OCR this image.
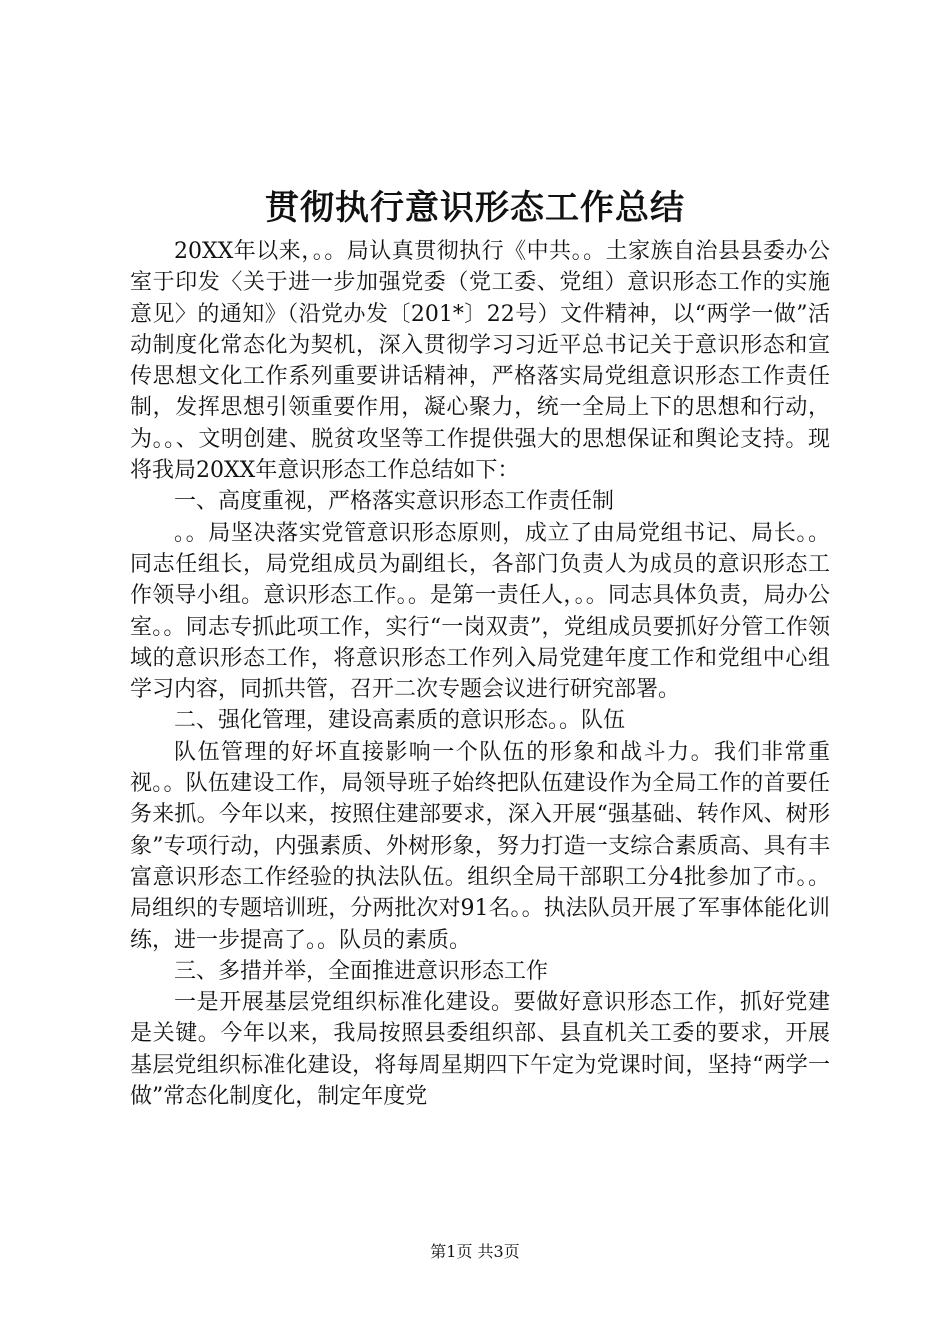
贯彻执行意识形态工作总结

20XX年以来，。。局认真贯彻执行《中共。。土家族自治县县委办公室于印发〈关于进一步加强党委（党工委、党组）意识形态工作的实施意见〉的通知》（沿党办发〔201*〕22号）文件精神，以“两学一做”活动制度化常态化为契机，深入贯彻学习习近平总书记关于意识形态和宣传思想文化工作系列重要讲话精神，严格落实局党组意识形态工作责任制，发挥思想引领重要作用，凝心聚力，统一全局上下的思想和行动，为。。、文明创建、脱贫攻坚等工作提供强大的思想保证和舆论支持。现将我局20XX年意识形态工作总结如下：

一、高度重视，严格落实意识形态工作责任制

。。局坚决落实党管意识形态原则，成立了由局党组书记、局长。。同志任组长，局党组成员为副组长，各部门负责人为成员的意识形态工作领导小组。意识形态工作。。是第一责任人，。。同志具体负责，局办公室。。同志专抓此项工作，实行“一岗双责”，党组成员要抓好分管工作领域的意识形态工作，将意识形态工作列入局党建年度工作和党组中心组学习内容，同抓共管，召开二次专题会议进行研究部署。

二、强化管理，建设高素质的意识形态。。队伍

队伍管理的好坏直接影响一个队伍的形象和战斗力。我们非常重视。。队伍建设工作，局领导班子始终把队伍建设作为全局工作的首要任务来抓。今年以来，按照住建部要求，深入开展“强基础、转作风、树形象”专项行动，内强素质、外树形象，努力打造一支综合素质高、具有丰富意识形态工作经验的执法队伍。组织全局干部职工分4批参加了市。。局组织的专题培训班，分两批次对91名。。执法队员开展了军事体能化训练，进一步提高了。。队员的素质。

三、多措并举，全面推进意识形态工作

一是开展基层党组织标准化建设。要做好意识形态工作，抓好党建是关键。今年以来，我局按照县委组织部、县直机关工委的要求，开展基层党组织标准化建设，将每周星期四下午定为党课时间，坚持“两学一做”常态化制度化，制定年度党

第1页 共3页
